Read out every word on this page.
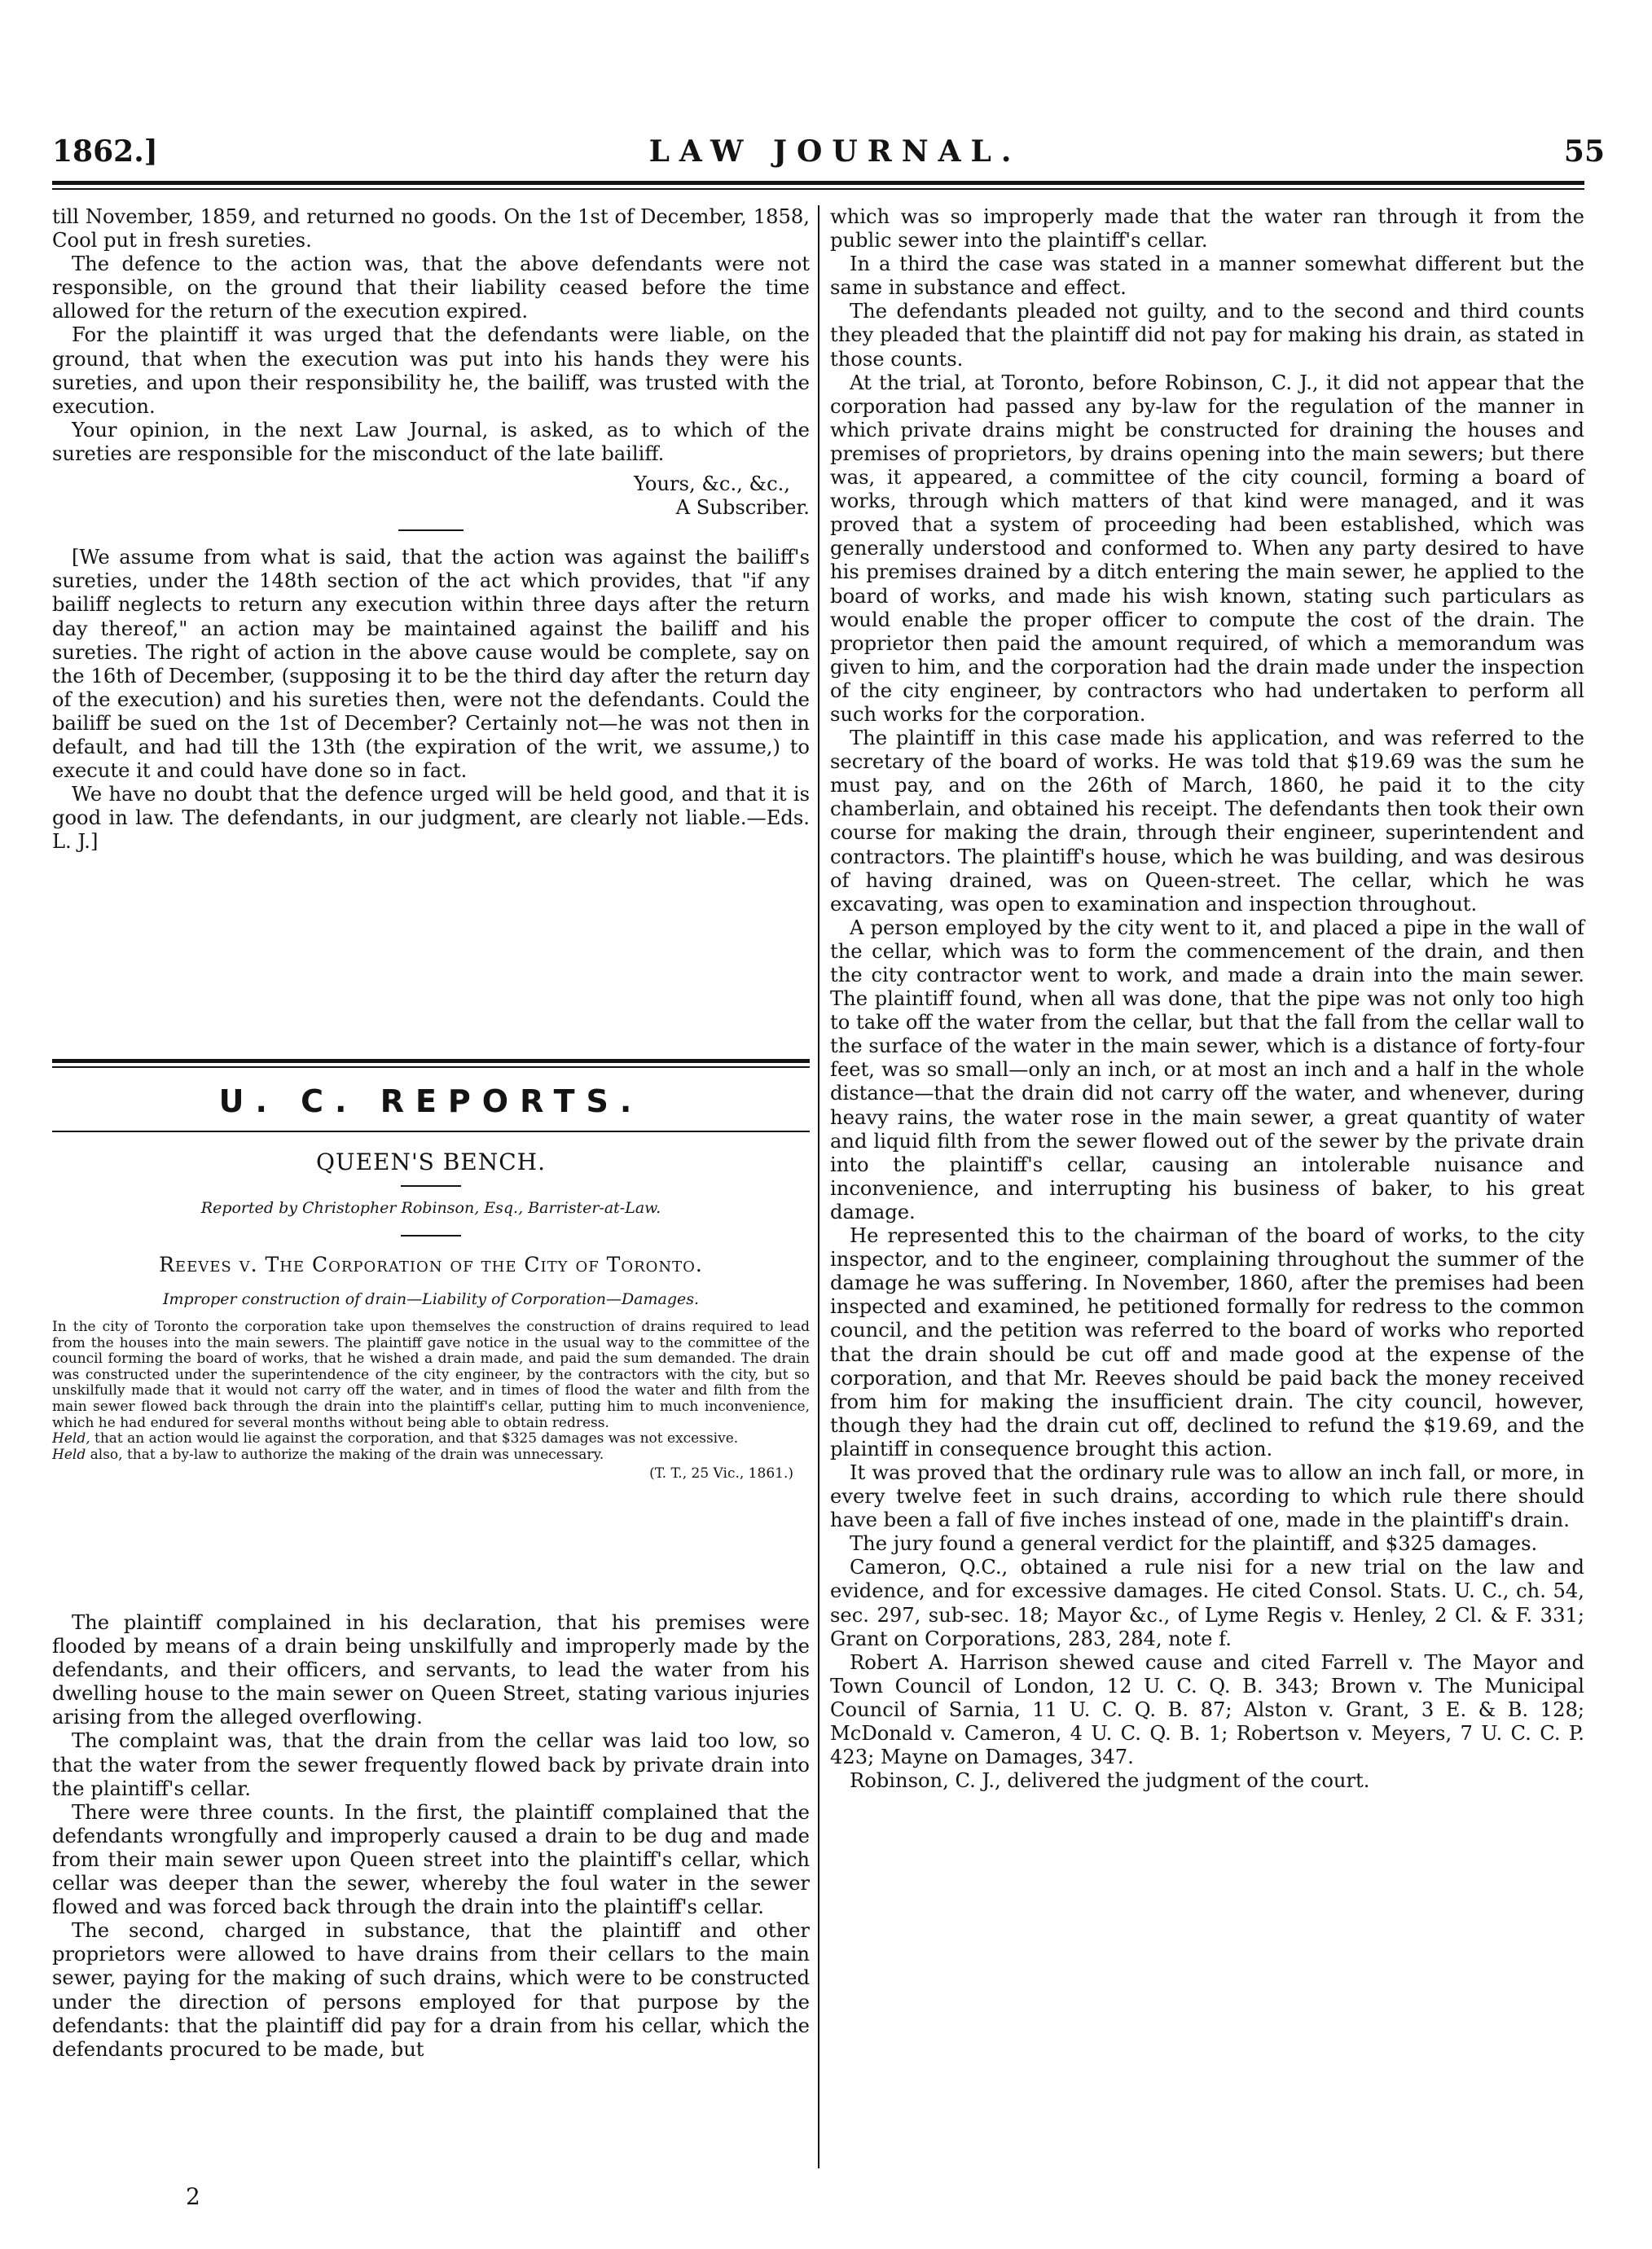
1862.]	LAW JOURNAL.	55

till November, 1859, and returned no goods. On the 1st of December, 1858, Cool put in fresh sureties.

The defence to the action was, that the above defendants were not responsible, on the ground that their liability ceased before the time allowed for the return of the execution expired.

For the plaintiff it was urged that the defendants were liable, on the ground, that when the execution was put into his hands they were his sureties, and upon their responsibility he, the bailiff, was trusted with the execution.

Your opinion, in the next Law Journal, is asked, as to which of the sureties are responsible for the misconduct of the late bailiff.

Yours, &c., &c.,

A Subscriber.

[We assume from what is said, that the action was against the bailiff's sureties, under the 148th section of the act which provides, that "if any bailiff neglects to return any execution within three days after the return day thereof," an action may be maintained against the bailiff and his sureties. The right of action in the above cause would be complete, say on the 16th of December, (supposing it to be the third day after the return day of the execution) and his sureties then, were not the defendants. Could the bailiff be sued on the 1st of December? Certainly not—he was not then in default, and had till the 13th (the expiration of the writ, we assume,) to execute it and could have done so in fact.

We have no doubt that the defence urged will be held good, and that it is good in law. The defendants, in our judgment, are clearly not liable.—Eds. L. J.]

U. C. REPORTS.
QUEEN'S BENCH.
Reported by Christopher Robinson, Esq., Barrister-at-Law.
Reeves v. The Corporation of the City of Toronto.
Improper construction of drain—Liability of Corporation—Damages.

In the city of Toronto the corporation take upon themselves the construction of drains required to lead from the houses into the main sewers. The plaintiff gave notice in the usual way to the committee of the council forming the board of works, that he wished a drain made, and paid the sum demanded. The drain was constructed under the superintendence of the city engineer, by the contractors with the city, but so unskilfully made that it would not carry off the water, and in times of flood the water and filth from the main sewer flowed back through the drain into the plaintiff's cellar, putting him to much inconvenience, which he had endured for several months without being able to obtain redress.

Held, that an action would lie against the corporation, and that $325 damages was not excessive.

Held also, that a by-law to authorize the making of the drain was unnecessary.

(T. T., 25 Vic., 1861.)

The plaintiff complained in his declaration, that his premises were flooded by means of a drain being unskilfully and improperly made by the defendants, and their officers, and servants, to lead the water from his dwelling house to the main sewer on Queen Street, stating various injuries arising from the alleged overflowing.

The complaint was, that the drain from the cellar was laid too low, so that the water from the sewer frequently flowed back by private drain into the plaintiff's cellar.

There were three counts. In the first, the plaintiff complained that the defendants wrongfully and improperly caused a drain to be dug and made from their main sewer upon Queen street into the plaintiff's cellar, which cellar was deeper than the sewer, whereby the foul water in the sewer flowed and was forced back through the drain into the plaintiff's cellar.

The second, charged in substance, that the plaintiff and other proprietors were allowed to have drains from their cellars to the main sewer, paying for the making of such drains, which were to be constructed under the direction of persons employed for that purpose by the defendants: that the plaintiff did pay for a drain from his cellar, which the defendants procured to be made, but

2

which was so improperly made that the water ran through it from the public sewer into the plaintiff's cellar.

In a third the case was stated in a manner somewhat different but the same in substance and effect.

The defendants pleaded not guilty, and to the second and third counts they pleaded that the plaintiff did not pay for making his drain, as stated in those counts.

At the trial, at Toronto, before Robinson, C. J., it did not appear that the corporation had passed any by-law for the regulation of the manner in which private drains might be constructed for draining the houses and premises of proprietors, by drains opening into the main sewers; but there was, it appeared, a committee of the city council, forming a board of works, through which matters of that kind were managed, and it was proved that a system of proceeding had been established, which was generally understood and conformed to. When any party desired to have his premises drained by a ditch entering the main sewer, he applied to the board of works, and made his wish known, stating such particulars as would enable the proper officer to compute the cost of the drain. The proprietor then paid the amount required, of which a memorandum was given to him, and the corporation had the drain made under the inspection of the city engineer, by contractors who had undertaken to perform all such works for the corporation.

The plaintiff in this case made his application, and was referred to the secretary of the board of works. He was told that $19.69 was the sum he must pay, and on the 26th of March, 1860, he paid it to the city chamberlain, and obtained his receipt. The defendants then took their own course for making the drain, through their engineer, superintendent and contractors. The plaintiff's house, which he was building, and was desirous of having drained, was on Queen-street. The cellar, which he was excavating, was open to examination and inspection throughout.

A person employed by the city went to it, and placed a pipe in the wall of the cellar, which was to form the commencement of the drain, and then the city contractor went to work, and made a drain into the main sewer. The plaintiff found, when all was done, that the pipe was not only too high to take off the water from the cellar, but that the fall from the cellar wall to the surface of the water in the main sewer, which is a distance of forty-four feet, was so small—only an inch, or at most an inch and a half in the whole distance—that the drain did not carry off the water, and whenever, during heavy rains, the water rose in the main sewer, a great quantity of water and liquid filth from the sewer flowed out of the sewer by the private drain into the plaintiff's cellar, causing an intolerable nuisance and inconvenience, and interrupting his business of baker, to his great damage.

He represented this to the chairman of the board of works, to the city inspector, and to the engineer, complaining throughout the summer of the damage he was suffering. In November, 1860, after the premises had been inspected and examined, he petitioned formally for redress to the common council, and the petition was referred to the board of works who reported that the drain should be cut off and made good at the expense of the corporation, and that Mr. Reeves should be paid back the money received from him for making the insufficient drain. The city council, however, though they had the drain cut off, declined to refund the $19.69, and the plaintiff in consequence brought this action.

It was proved that the ordinary rule was to allow an inch fall, or more, in every twelve feet in such drains, according to which rule there should have been a fall of five inches instead of one, made in the plaintiff's drain.

The jury found a general verdict for the plaintiff, and $325 damages.

Cameron, Q.C., obtained a rule nisi for a new trial on the law and evidence, and for excessive damages. He cited Consol. Stats. U. C., ch. 54, sec. 297, sub-sec. 18; Mayor &c., of Lyme Regis v. Henley, 2 Cl. & F. 331; Grant on Corporations, 283, 284, note f.

Robert A. Harrison shewed cause and cited Farrell v. The Mayor and Town Council of London, 12 U. C. Q. B. 343; Brown v. The Municipal Council of Sarnia, 11 U. C. Q. B. 87; Alston v. Grant, 3 E. & B. 128; McDonald v. Cameron, 4 U. C. Q. B. 1; Robertson v. Meyers, 7 U. C. C. P. 423; Mayne on Damages, 347.

Robinson, C. J., delivered the judgment of the court.
